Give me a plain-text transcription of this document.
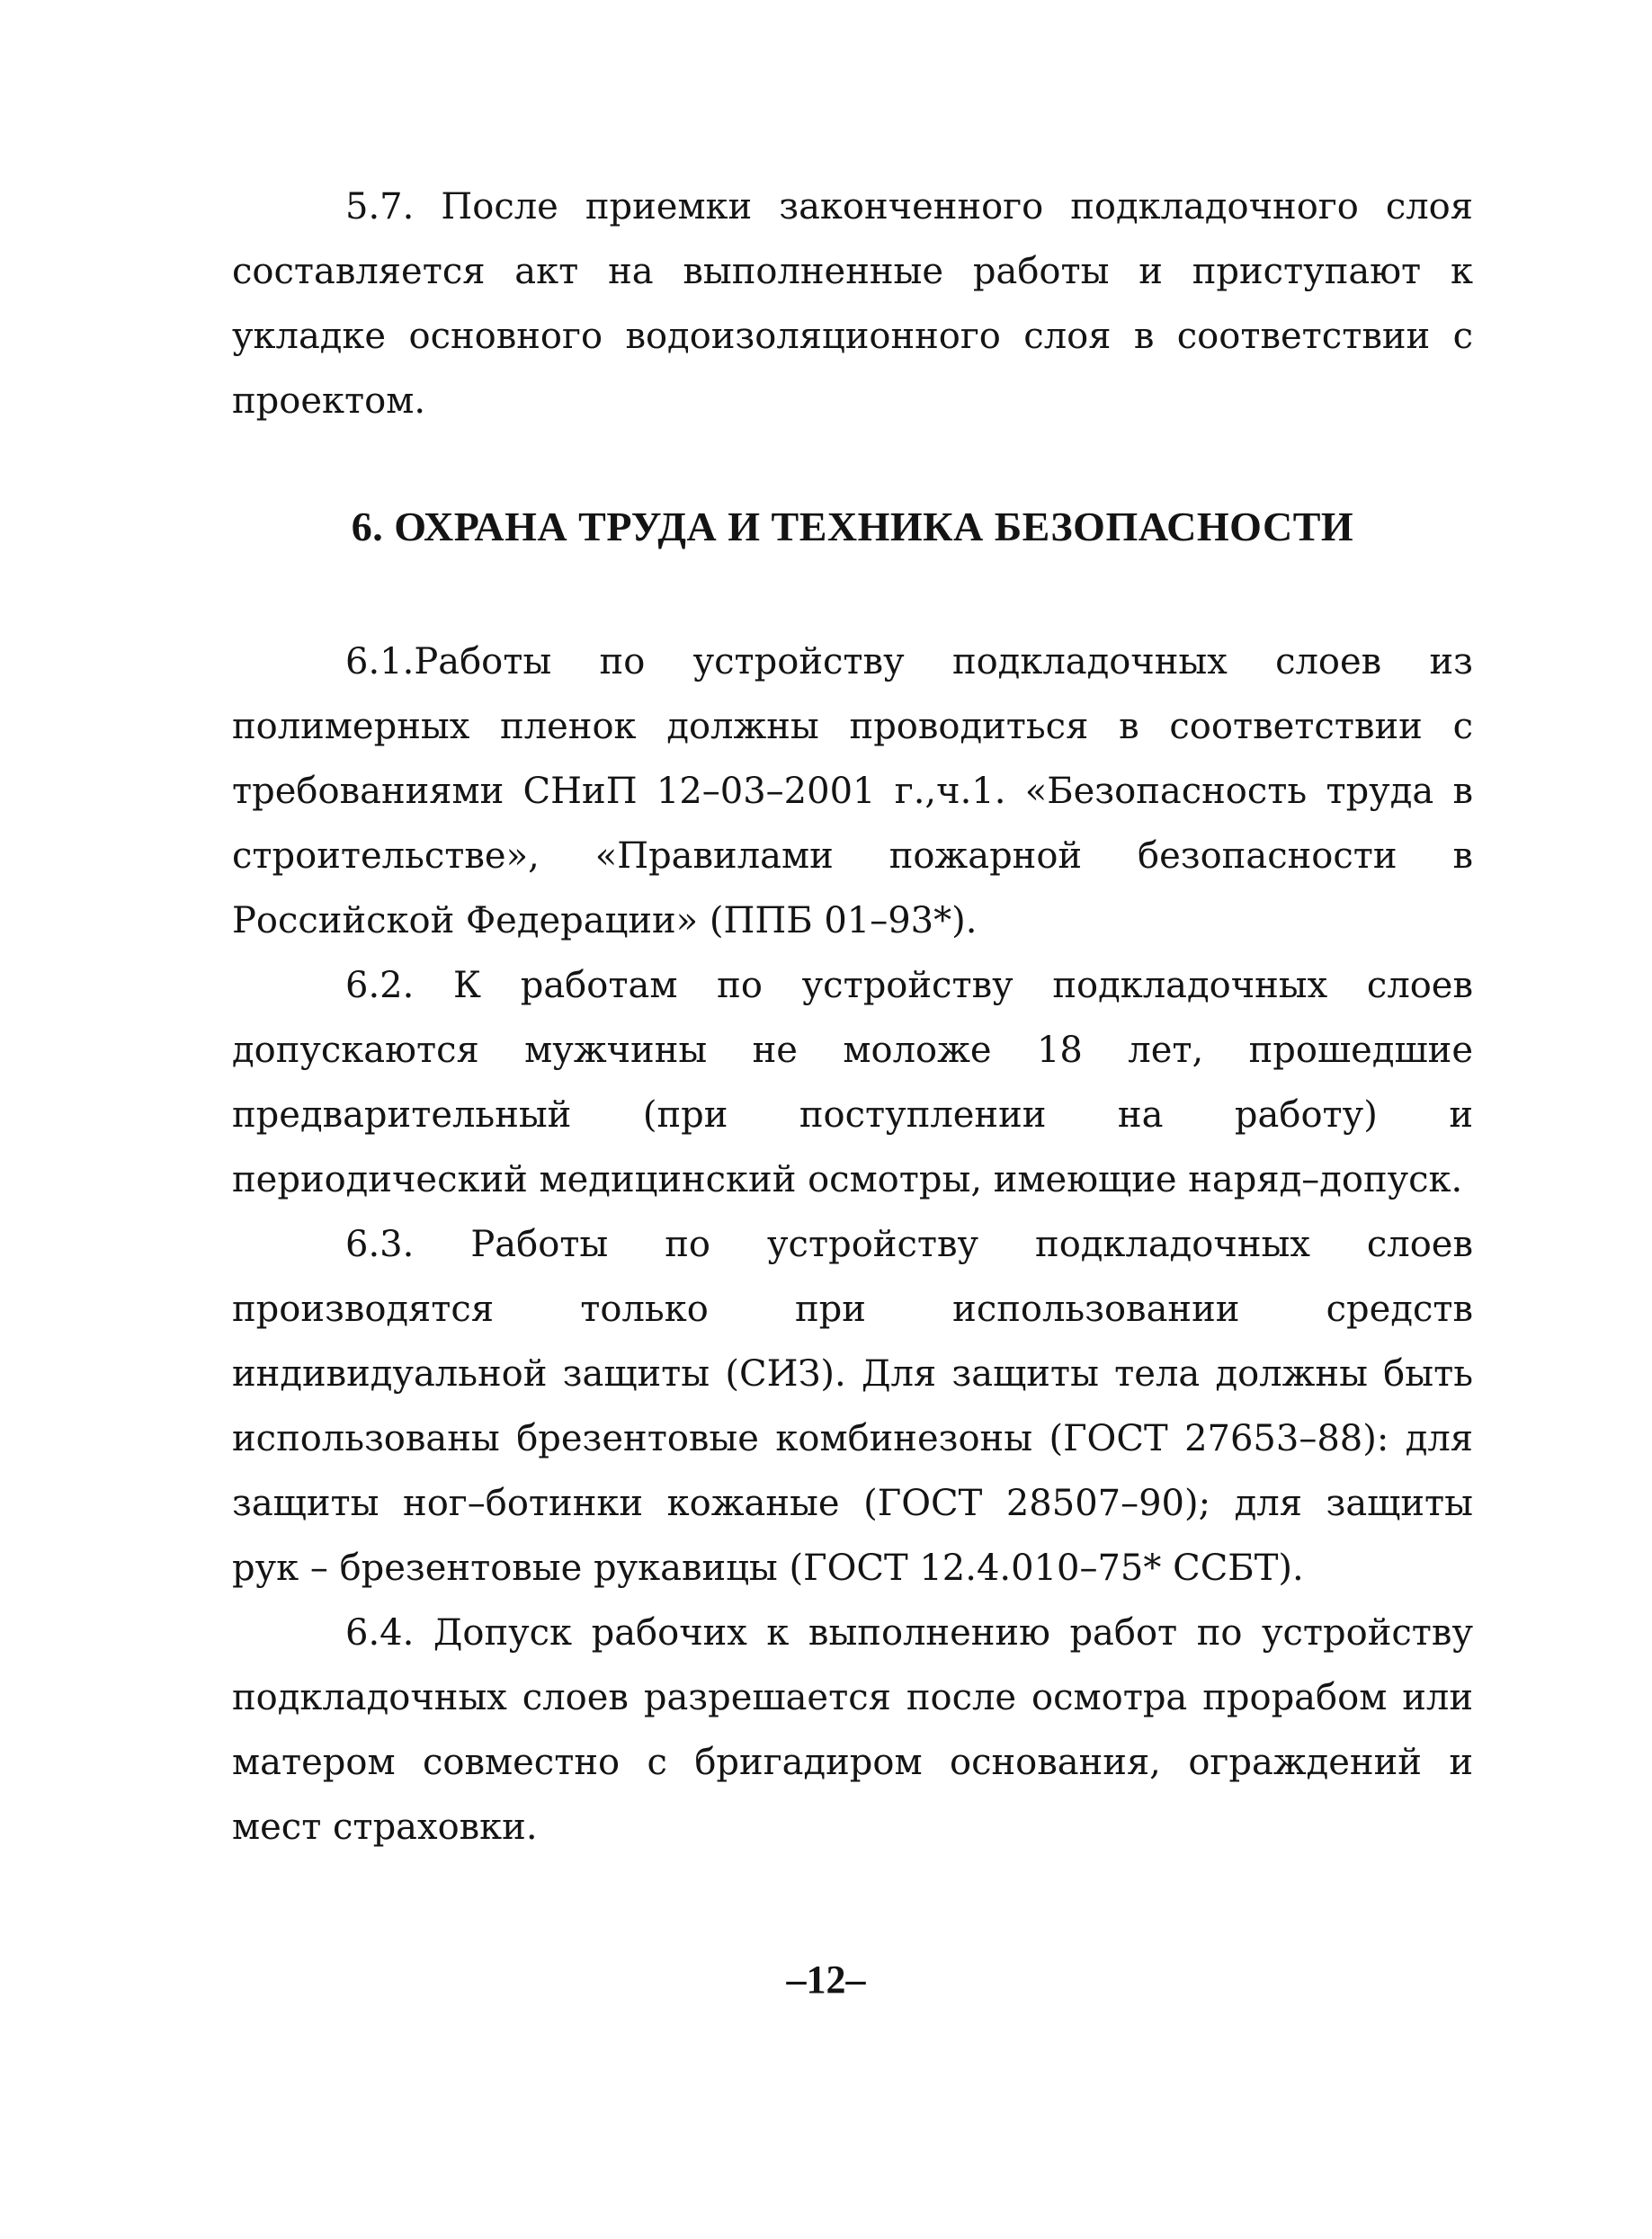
5.7. После приемки законченного подкладочного слоя составляется акт на выполненные работы и приступают к укладке основного водоизоляционного слоя в соответствии с проектом.

6. ОХРАНА ТРУДА И ТЕХНИКА БЕЗОПАСНОСТИ

6.1.Работы по устройству подкладочных слоев из полимерных пленок должны проводиться в соответствии с требованиями СНиП 12–03–2001 г.,ч.1. «Безопасность труда в строительстве», «Правилами пожарной безопасности в Российской Федерации» (ППБ 01–93*).

6.2. К работам по устройству подкладочных слоев допускаются мужчины не моложе 18 лет, прошедшие предварительный (при поступлении на работу) и периодический медицинский осмотры, имеющие наряд–допуск.

6.3. Работы по устройству подкладочных слоев производятся только при использовании средств индивидуальной защиты (СИЗ). Для защиты тела должны быть использованы брезентовые комбинезоны (ГОСТ 27653–88): для защиты ног–ботинки кожаные (ГОСТ 28507–90); для защиты рук – брезентовые рукавицы (ГОСТ 12.4.010–75* ССБТ).

6.4. Допуск рабочих к выполнению работ по устройству подкладочных слоев разрешается после осмотра прорабом или матером совместно с бригадиром основания, ограждений и мест страховки.

–12–
